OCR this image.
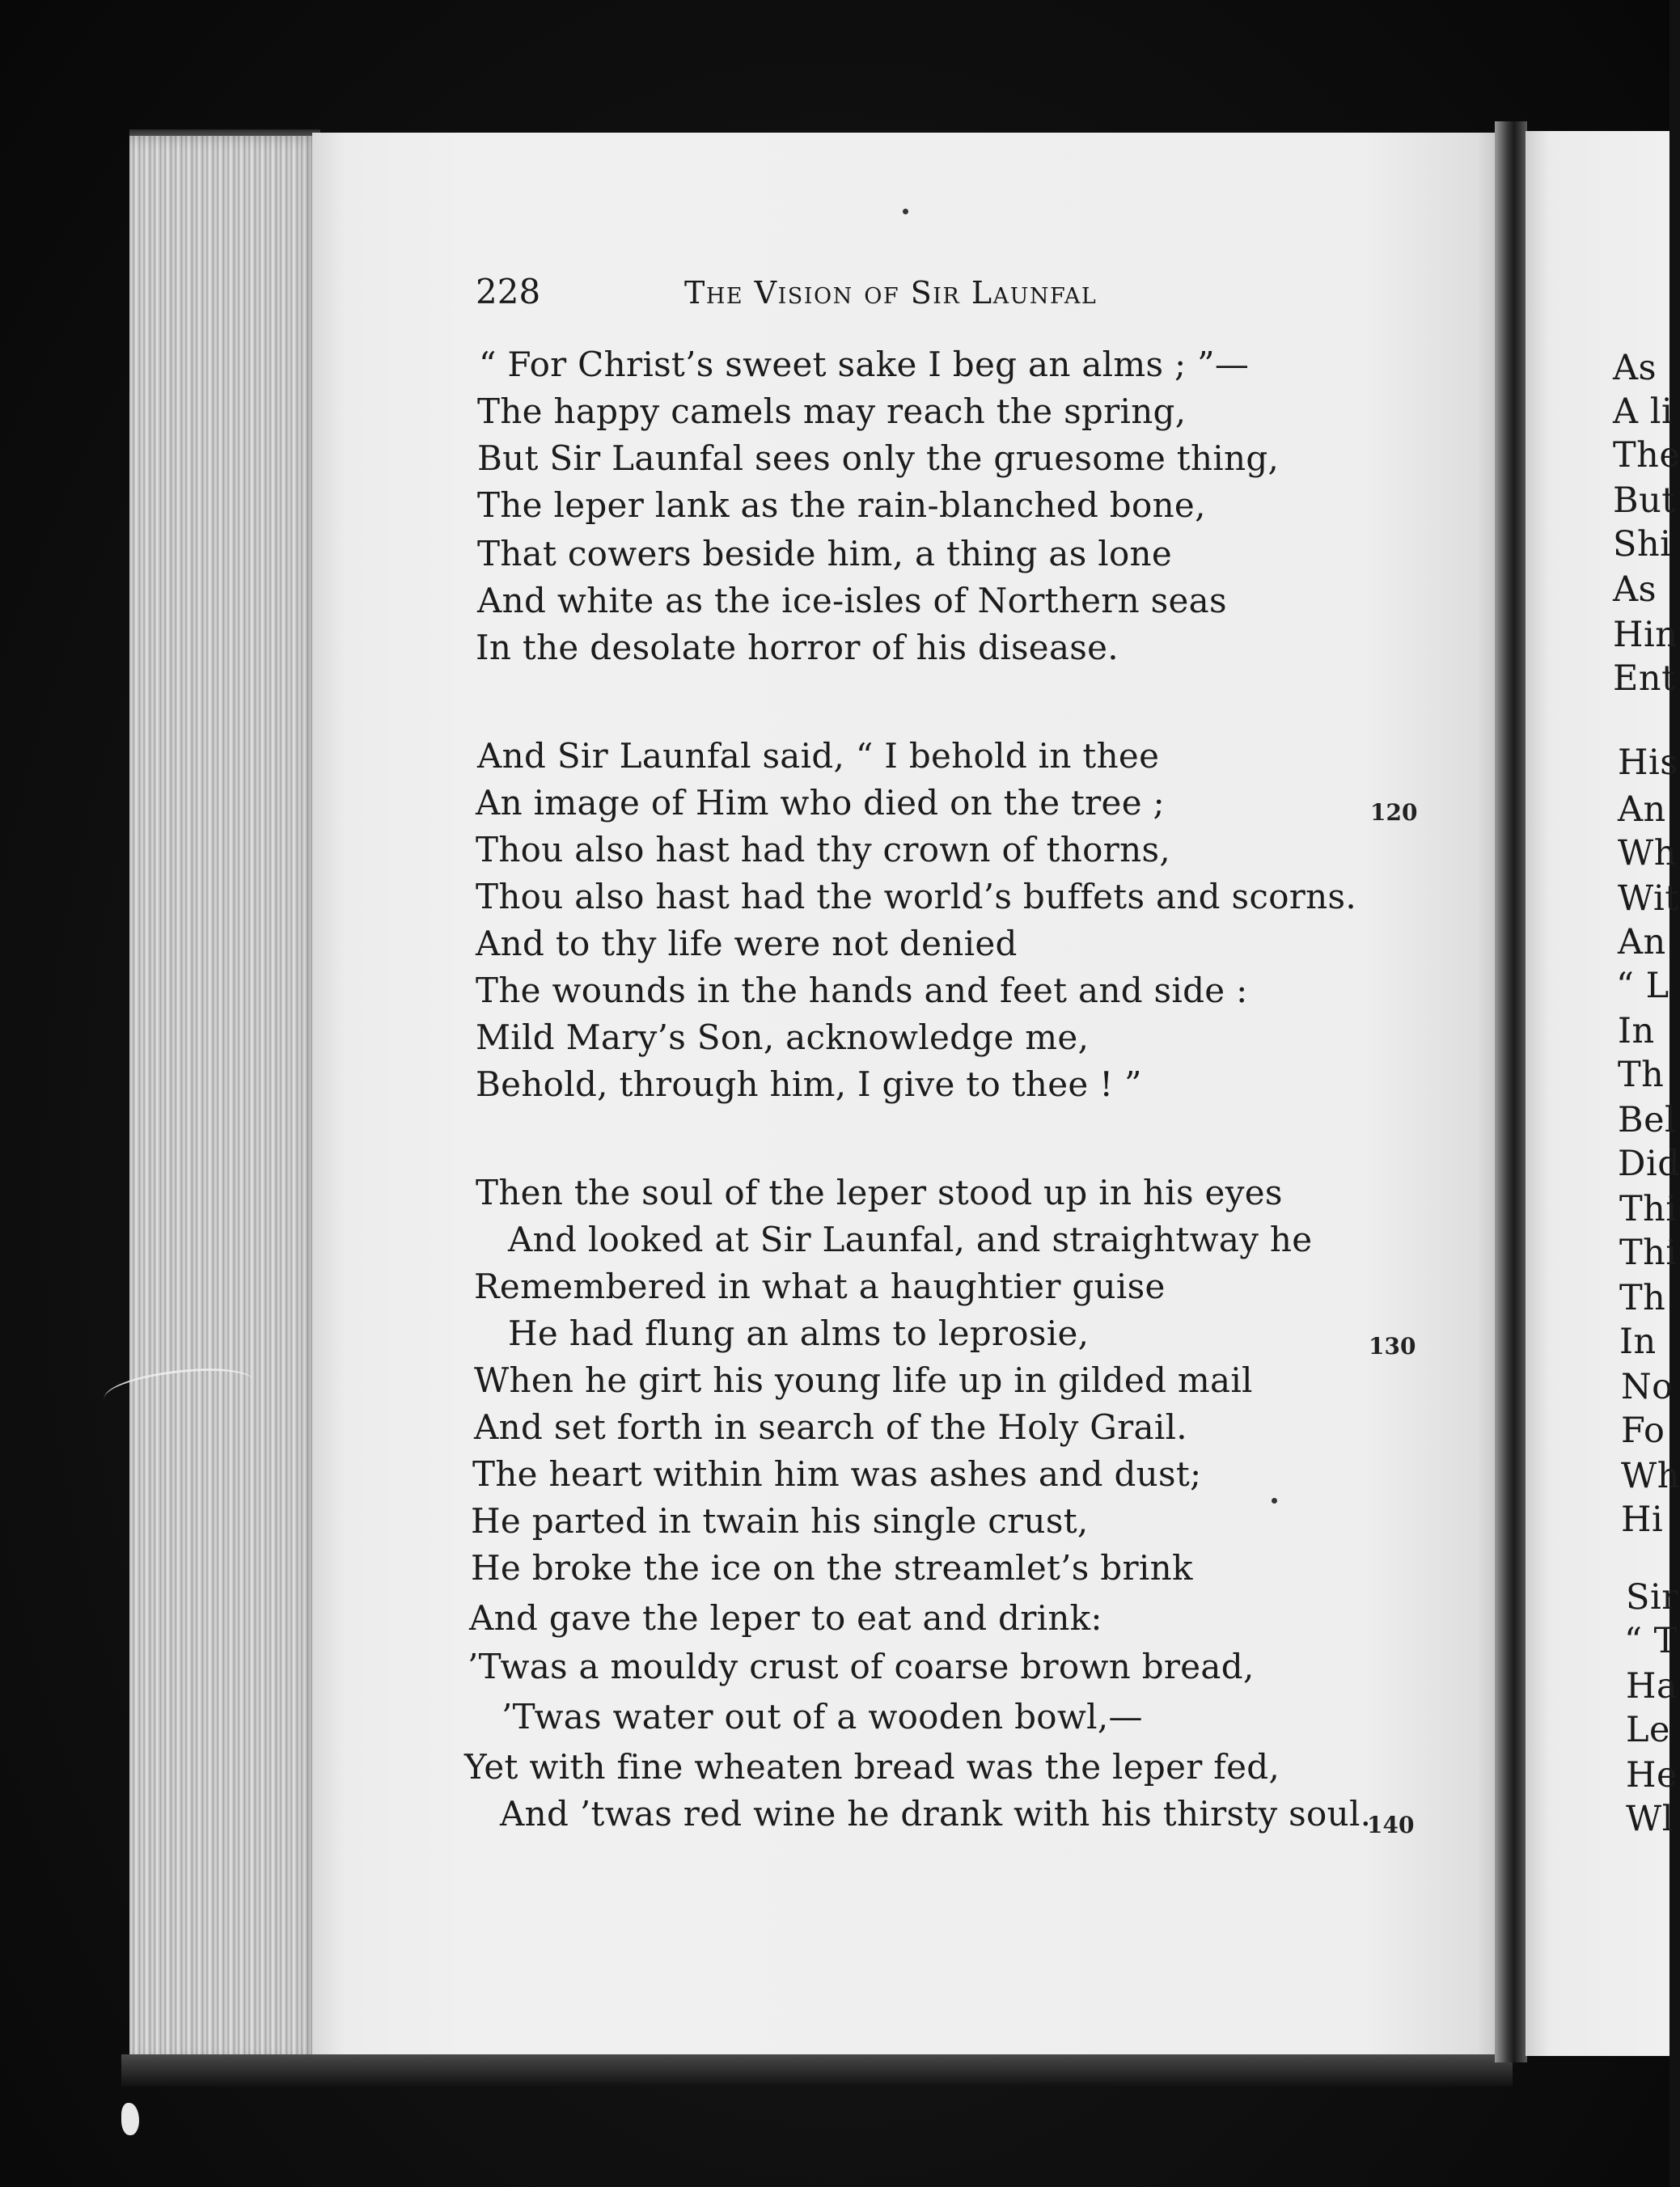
228	The Vision of Sir Launfal
“ For Christ’s sweet sake I beg an alms ; ”—
The happy camels may reach the spring,
But Sir Launfal sees only the gruesome thing,
The leper lank as the rain-blanched bone,
That cowers beside him, a thing as lone
And white as the ice-isles of Northern seas
In the desolate horror of his disease.
And Sir Launfal said, “ I behold in thee
An image of Him who died on the tree ;
Thou also hast had thy crown of thorns,
Thou also hast had the world’s buffets and scorns.
And to thy life were not denied
The wounds in the hands and feet and side :
Mild Mary’s Son, acknowledge me,
Behold, through him, I give to thee ! ”
Then the soul of the leper stood up in his eyes
And looked at Sir Launfal, and straightway he
Remembered in what a haughtier guise
He had flung an alms to leprosie,
When he girt his young life up in gilded mail
And set forth in search of the Holy Grail.
The heart within him was ashes and dust;
He parted in twain his single crust,
He broke the ice on the streamlet’s brink
And gave the leper to eat and drink:
’Twas a mouldy crust of coarse brown bread,
’Twas water out of a wooden bowl,—
Yet with fine wheaten bread was the leper fed,
And ’twas red wine he drank with his thirsty soul.
120
130
140
As
A li
The
But
Shi
As
Hin
Ent
His
An
Wh
Wit
An
“ L
In
Th
Bel
Did
Thi
Thi
Th
In
No
Fo
Wh
Hi
Sir
“ T
Ha
Le
He
Wl
